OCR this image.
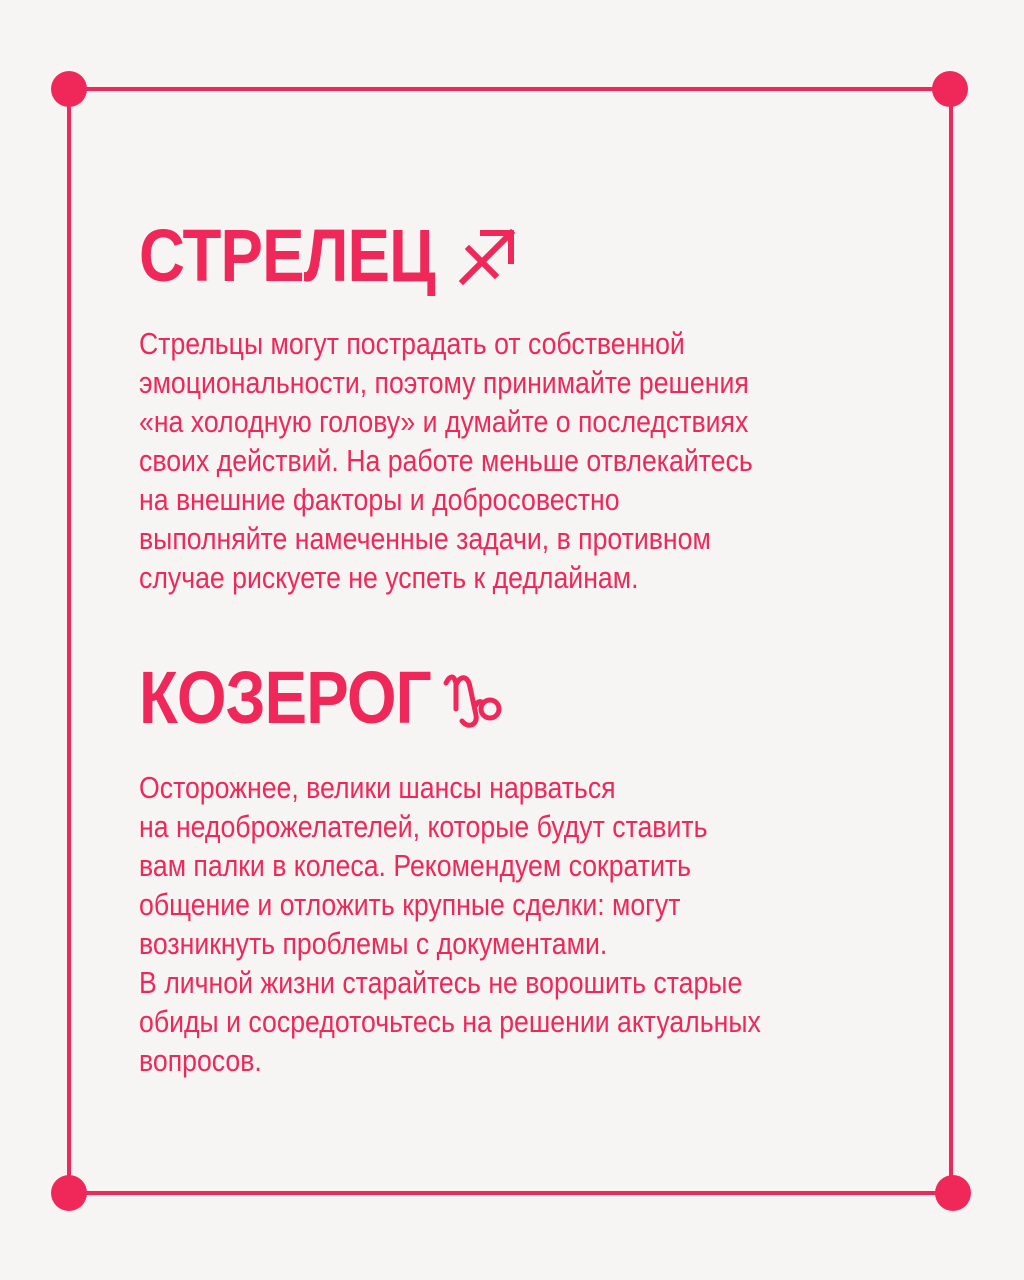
СТРЕЛЕЦ
Стрельцы могут пострадать от собственной
эмоциональности, поэтому принимайте решения
«на холодную голову» и думайте о последствиях
своих действий. На работе меньше отвлекайтесь
на внешние факторы и добросовестно
выполняйте намеченные задачи, в противном
случае рискуете не успеть к дедлайнам.
КОЗЕРОГ
Осторожнее, велики шансы нарваться
на недоброжелателей, которые будут ставить
вам палки в колеса. Рекомендуем сократить
общение и отложить крупные сделки: могут
возникнуть проблемы с документами.
В личной жизни старайтесь не ворошить старые
обиды и сосредоточьтесь на решении актуальных
вопросов.
